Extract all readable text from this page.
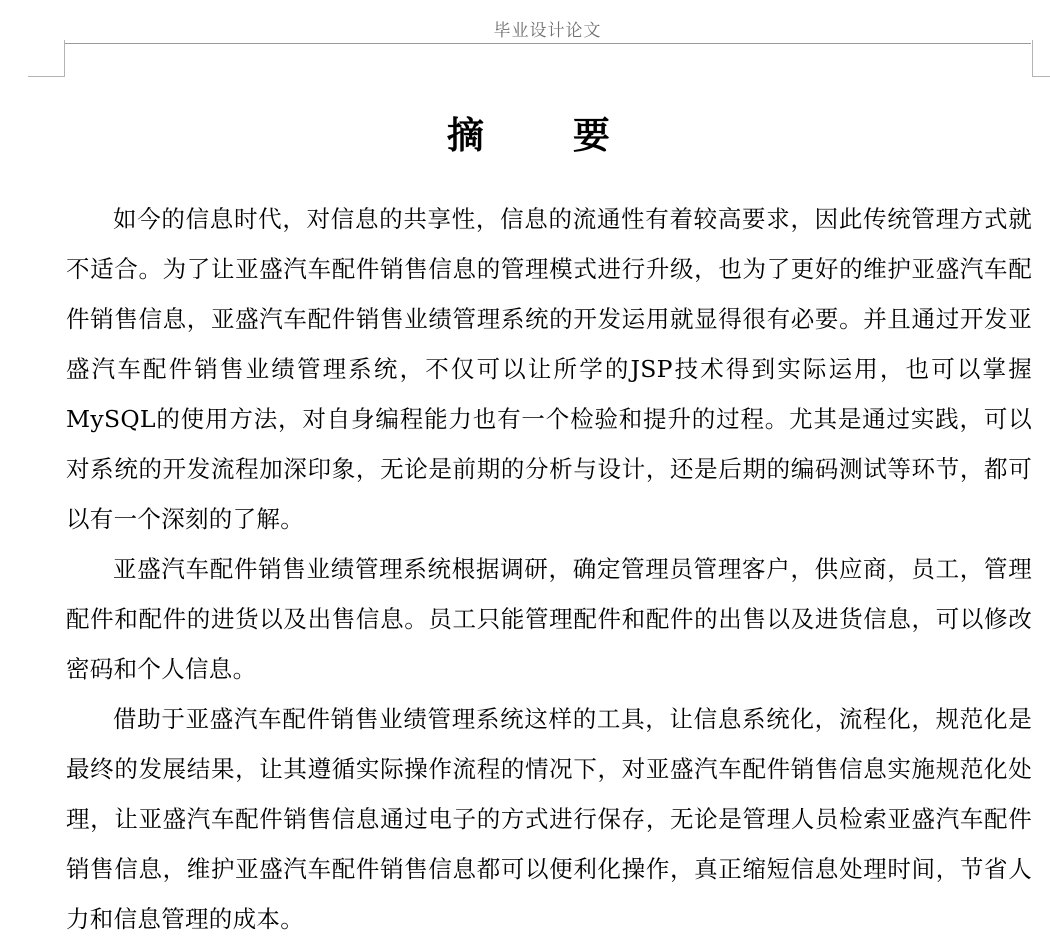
毕业设计论文
摘 要

如今的信息时代，对信息的共享性，信息的流通性有着较高要求，因此传统管理方式就不适合。为了让亚盛汽车配件销售信息的管理模式进行升级，也为了更好的维护亚盛汽车配件销售信息，亚盛汽车配件销售业绩管理系统的开发运用就显得很有必要。并且通过开发亚盛汽车配件销售业绩管理系统，不仅可以让所学的JSP技术得到实际运用，也可以掌握MySQL的使用方法，对自身编程能力也有一个检验和提升的过程。尤其是通过实践，可以对系统的开发流程加深印象，无论是前期的分析与设计，还是后期的编码测试等环节，都可以有一个深刻的了解。

亚盛汽车配件销售业绩管理系统根据调研，确定管理员管理客户，供应商，员工，管理配件和配件的进货以及出售信息。员工只能管理配件和配件的出售以及进货信息，可以修改密码和个人信息。

借助于亚盛汽车配件销售业绩管理系统这样的工具，让信息系统化，流程化，规范化是最终的发展结果，让其遵循实际操作流程的情况下，对亚盛汽车配件销售信息实施规范化处理，让亚盛汽车配件销售信息通过电子的方式进行保存，无论是管理人员检索亚盛汽车配件销售信息，维护亚盛汽车配件销售信息都可以便利化操作，真正缩短信息处理时间，节省人力和信息管理的成本。
